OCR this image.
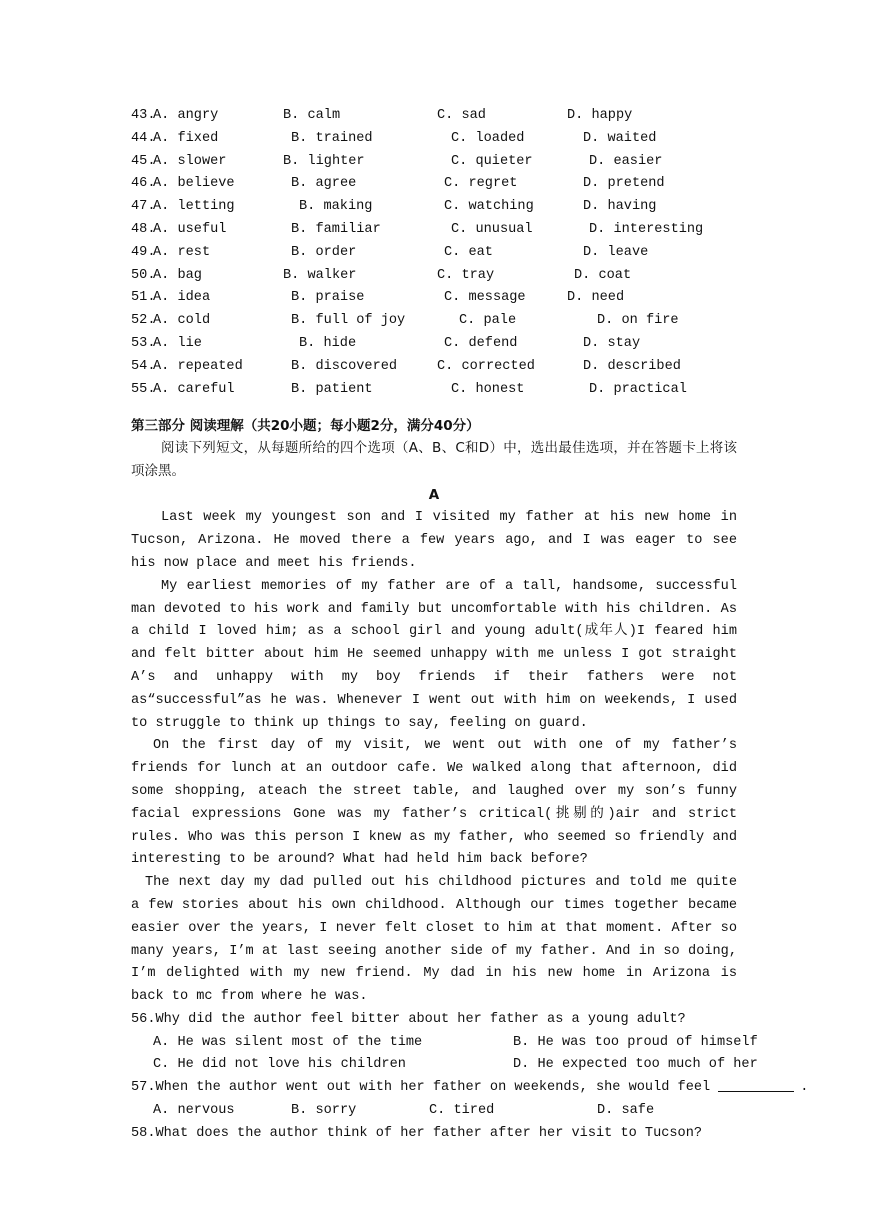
43.
A. angry	B. calm	C. sad	D. happy
44.
A. fixed	B. trained	C. loaded	D. waited
45.
A. slower	B. lighter	C. quieter	D. easier
46.
A. believe	B. agree	C. regret	D. pretend
47.
A. letting	B. making	C. watching	D. having
48.
A. useful	B. familiar	C. unusual	D. interesting
49.
A. rest	B. order	C. eat	D. leave
50.
A. bag	B. walker	C. tray	D. coat
51.
A. idea	B. praise	C. message	D. need
52.
A. cold	B. full of joy	C. pale	D. on fire
53.
A. lie	B. hide	C. defend	D. stay
54.
A. repeated	B. discovered	C. corrected	D. described
55.
A. careful	B. patient	C. honest	D. practical
第三部分 阅读理解（共20小题；每小题2分，满分40分）
阅读下列短文，从每题所给的四个选项（A、B、C和D）中，选出最佳选项，并在答题卡上将该项涂黑。
A
Last week my youngest son and I visited my father at his new home in Tucson, Arizona. He moved there a few years ago, and I was eager to see his now place and meet his friends.
My earliest memories of my father are of a tall, handsome, successful man devoted to his work and family but uncomfortable with his children. As a child I loved him; as a school girl and young adult(成年人)I feared him and felt bitter about him He seemed unhappy with me unless I got straight A’s and unhappy with my boy friends if their fathers were not as“successful”as he was. Whenever I went out with him on weekends, I used to struggle to think up things to say, feeling on guard.
On the first day of my visit, we went out with one of my father’s friends for lunch at an outdoor cafe. We walked along that afternoon, did some shopping, ateach the street table, and laughed over my son’s funny facial expressions Gone was my father’s critical(挑剔的)air and strict rules. Who was this person I knew as my father, who seemed so friendly and interesting to be around? What had held him back before?
The next day my dad pulled out his childhood pictures and told me quite a few stories about his own childhood. Although our times together became easier over the years, I never felt closet to him at that moment. After so many years, I’m at last seeing another side of my father. And in so doing, I’m delighted with my new friend. My dad in his new home in Arizona is back to mc from where he was.
56.Why did the author feel bitter about her father as a young adult?
A. He was silent most of the time	B. He was too proud of himself
C. He did not love his children	D. He expected too much of her
57.When the author went out with her father on weekends, she would feel	.
A. nervous	B. sorry	C. tired	D. safe
58.What does the author think of her father after her visit to Tucson?
